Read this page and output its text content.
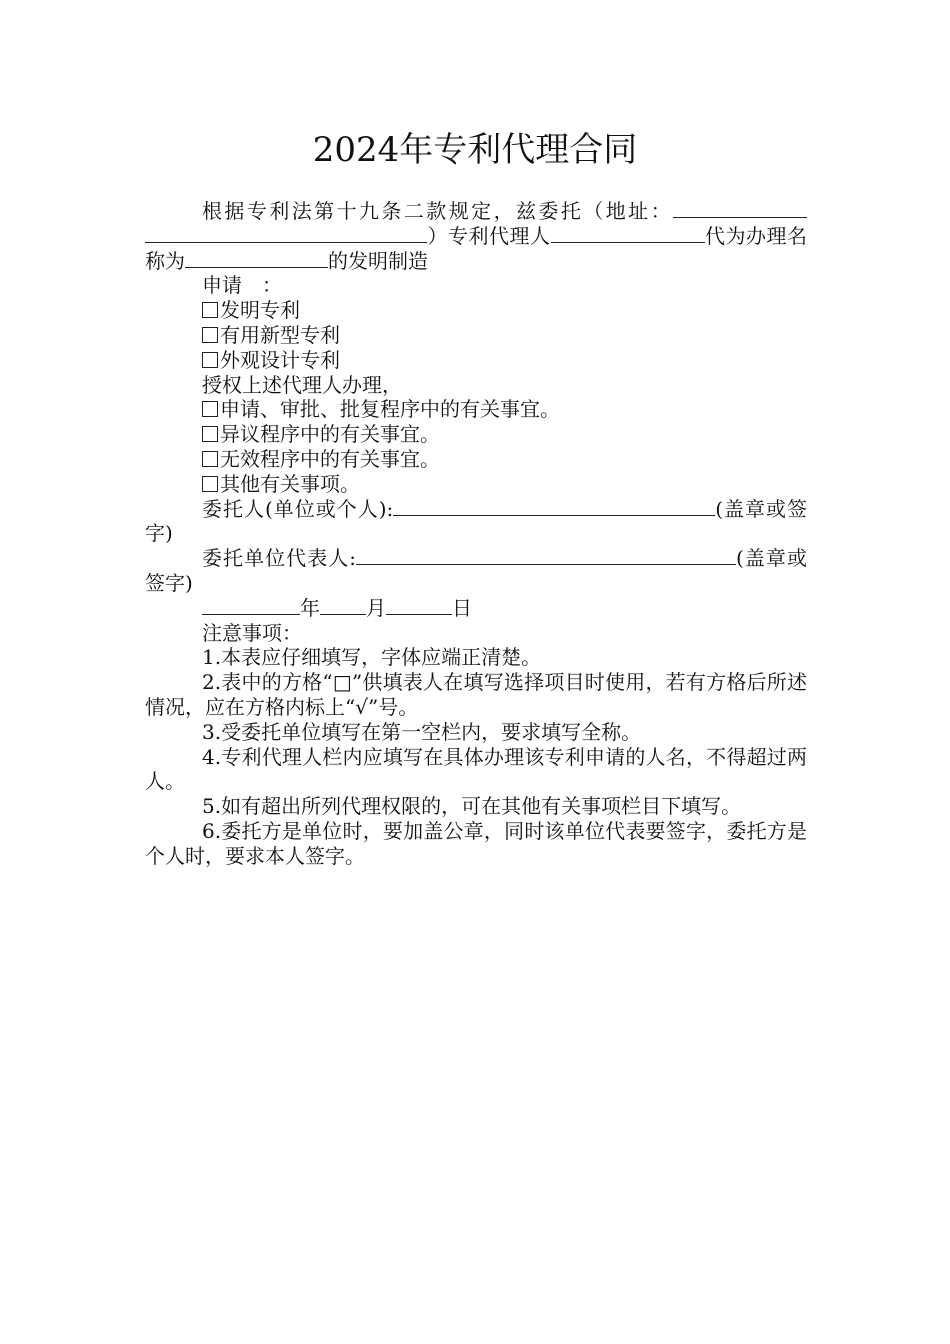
2024年专利代理合同

根据专利法第十九条二款规定，兹委托（地址：）专利代理人	代为办理名称为	的发明制造

申请　：

发明专利

有用新型专利

外观设计专利

授权上述代理人办理，

申请、审批、批复程序中的有关事宜。

异议程序中的有关事宜。

无效程序中的有关事宜。

其他有关事项。

委托人(单位或个人):	(盖章或签字)

委托单位代表人:	(盖章或签字)

年 月	日

注意事项：

1.本表应仔细填写，字体应端正清楚。

2.表中的方格“□”供填表人在填写选择项目时使用，若有方格后所述情况，应在方格内标上“√”号。

3.受委托单位填写在第一空栏内，要求填写全称。

4.专利代理人栏内应填写在具体办理该专利申请的人名，不得超过两人。

5.如有超出所列代理权限的，可在其他有关事项栏目下填写。

6.委托方是单位时，要加盖公章，同时该单位代表要签字，委托方是个人时，要求本人签字。
